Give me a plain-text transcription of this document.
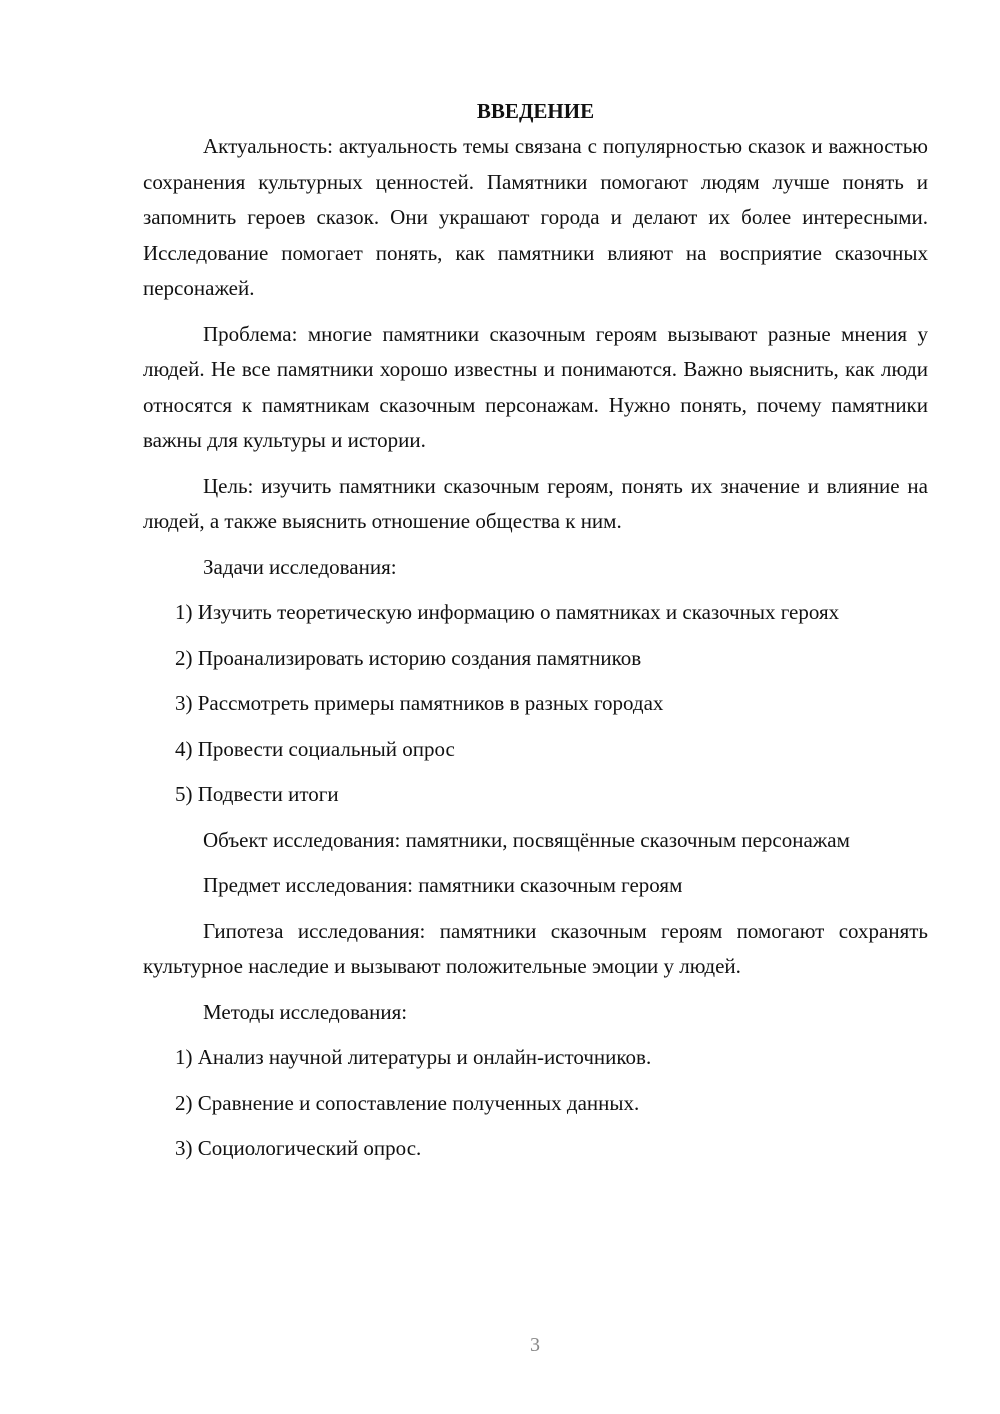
ВВЕДЕНИЕ

Актуальность: актуальность темы связана с популярностью сказок и важностью сохранения культурных ценностей. Памятники помогают людям лучше понять и запомнить героев сказок. Они украшают города и делают их более интересными. Исследование помогает понять, как памятники влияют на восприятие сказочных персонажей.

Проблема: многие памятники сказочным героям вызывают разные мнения у людей. Не все памятники хорошо известны и понимаются. Важно выяснить, как люди относятся к памятникам сказочным персонажам. Нужно понять, почему памятники важны для культуры и истории.

Цель: изучить памятники сказочным героям, понять их значение и влияние на людей, а также выяснить отношение общества к ним.

Задачи исследования:

1) Изучить теоретическую информацию о памятниках и сказочных героях

2) Проанализировать историю создания памятников

3) Рассмотреть примеры памятников в разных городах

4) Провести социальный опрос

5) Подвести итоги

Объект исследования: памятники, посвящённые сказочным персонажам

Предмет исследования: памятники сказочным героям

Гипотеза исследования: памятники сказочным героям помогают сохранять культурное наследие и вызывают положительные эмоции у людей.

Методы исследования:

1) Анализ научной литературы и онлайн-источников.

2) Сравнение и сопоставление полученных данных.

3) Социологический опрос.

3
